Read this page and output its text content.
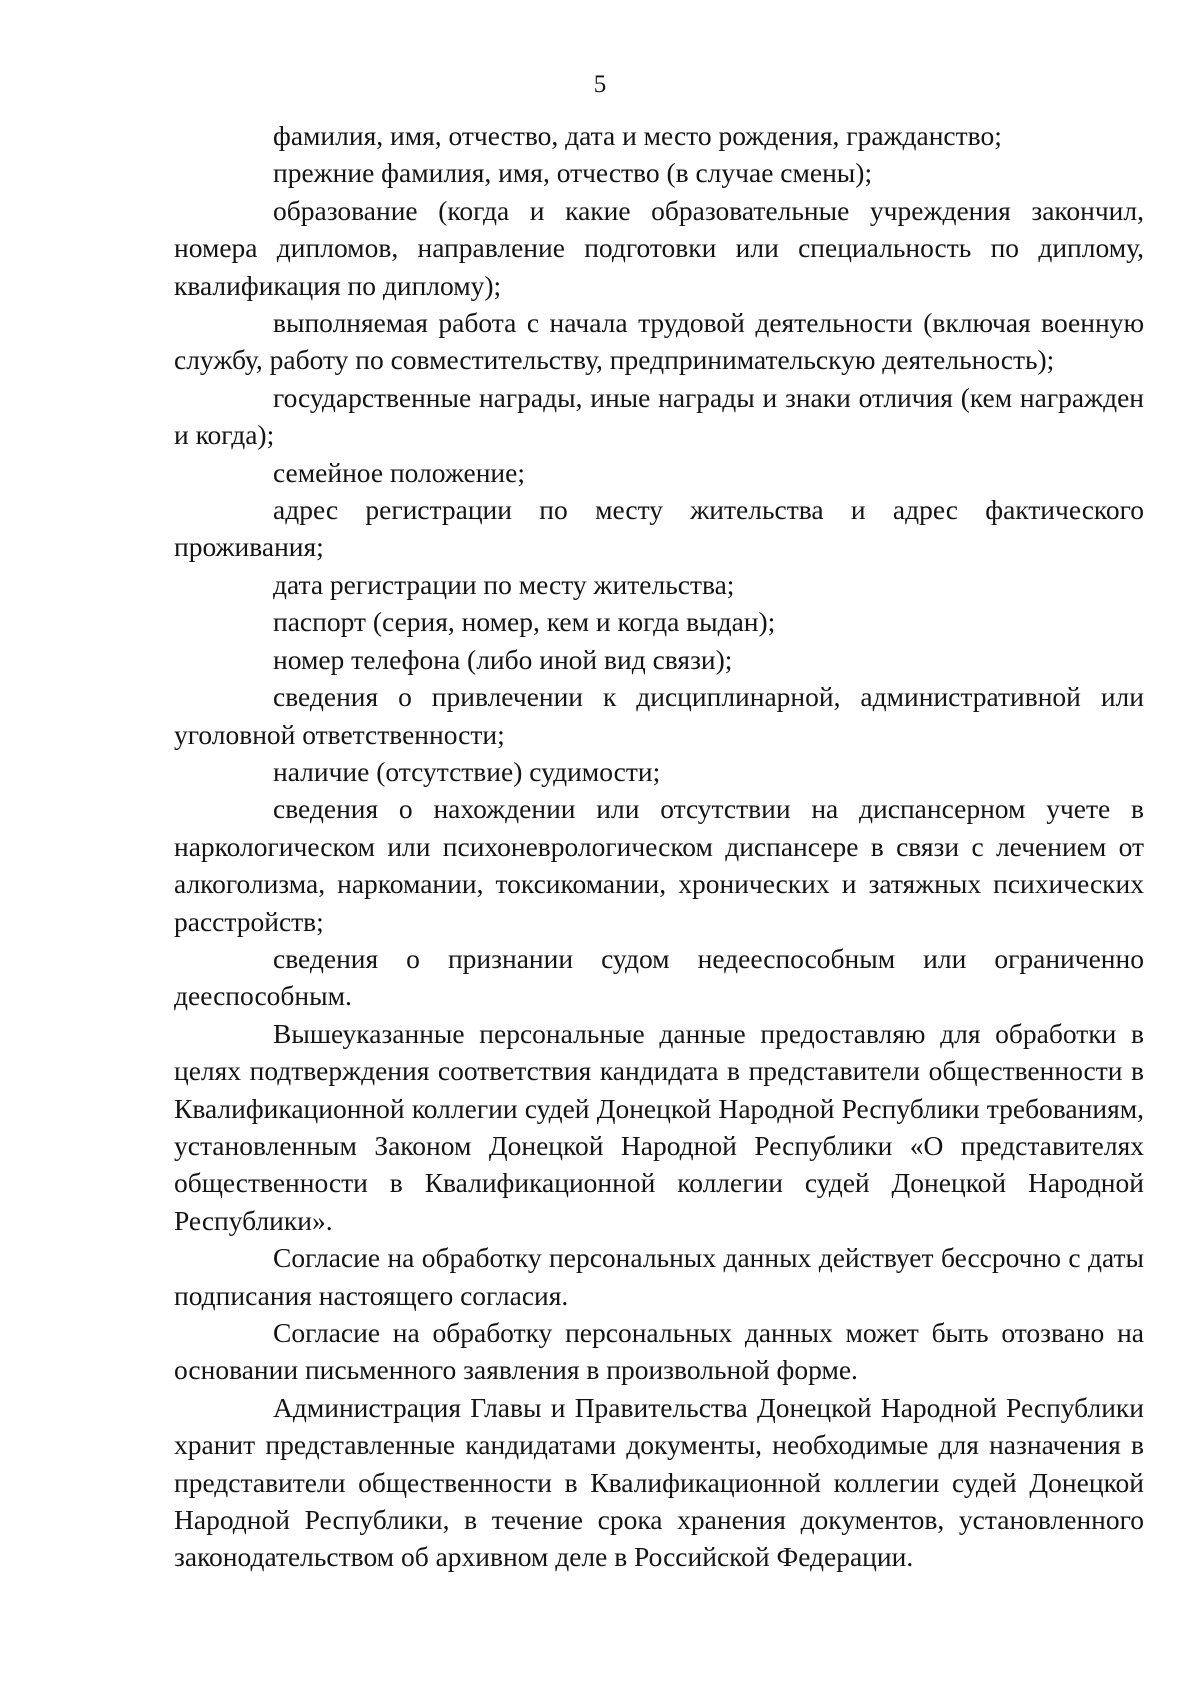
5

фамилия, имя, отчество, дата и место рождения, гражданство;

прежние фамилия, имя, отчество (в случае смены);

образование (когда и какие образовательные учреждения закончил, номера дипломов, направление подготовки или специальность по диплому, квалификация по диплому);

выполняемая работа с начала трудовой деятельности (включая военную службу, работу по совместительству, предпринимательскую деятельность);

государственные награды, иные награды и знаки отличия (кем награжден и когда);

семейное положение;

адрес регистрации по месту жительства и адрес фактического проживания;

дата регистрации по месту жительства;

паспорт (серия, номер, кем и когда выдан);

номер телефона (либо иной вид связи);

сведения о привлечении к дисциплинарной, административной или уголовной ответственности;

наличие (отсутствие) судимости;

сведения о нахождении или отсутствии на диспансерном учете в наркологическом или психоневрологическом диспансере в связи с лечением от алкоголизма, наркомании, токсикомании, хронических и затяжных психических расстройств;

сведения о признании судом недееспособным или ограниченно дееспособным.

Вышеуказанные персональные данные предоставляю для обработки в целях подтверждения соответствия кандидата в представители общественности в Квалификационной коллегии судей Донецкой Народной Республики требованиям, установленным Законом Донецкой Народной Республики «О представителях общественности в Квалификационной коллегии судей Донецкой Народной Республики».

Согласие на обработку персональных данных действует бессрочно с даты подписания настоящего согласия.

Согласие на обработку персональных данных может быть отозвано на основании письменного заявления в произвольной форме.

Администрация Главы и Правительства Донецкой Народной Республики хранит представленные кандидатами документы, необходимые для назначения в представители общественности в Квалификационной коллегии судей Донецкой Народной Республики, в течение срока хранения документов, установленного законодательством об архивном деле в Российской Федерации.
